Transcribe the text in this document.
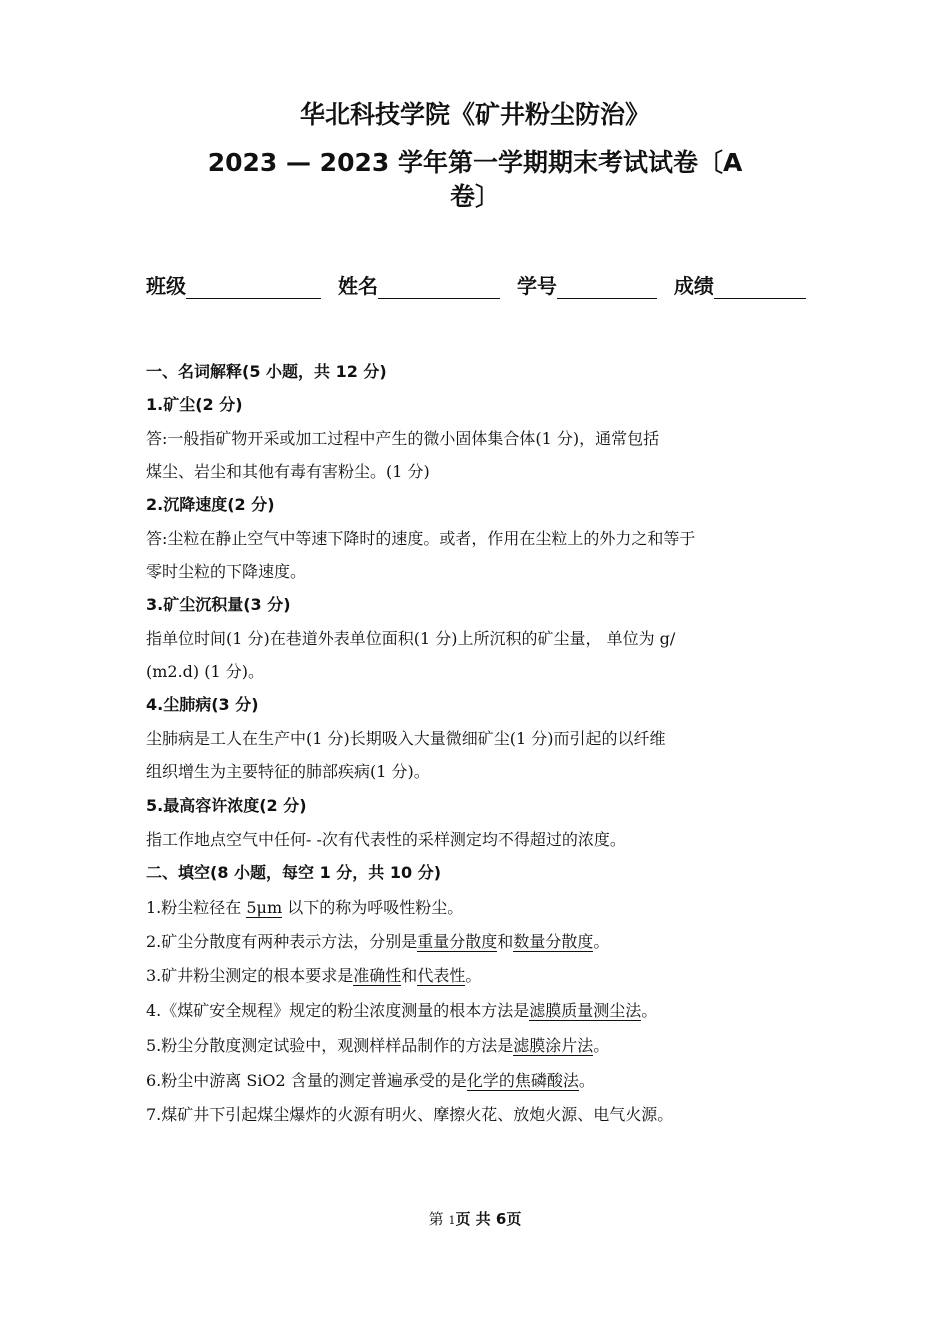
华北科技学院《矿井粉尘防治》
2023 — 2023 学年第一学期期末考试试卷〔A 卷〕
班级	姓名	学号	成绩
一、名词解释(5 小题，共 12 分)
1.矿尘(2 分)
答:一般指矿物开采或加工过程中产生的微小固体集合体(1 分)，通常包括
煤尘、岩尘和其他有毒有害粉尘。(1 分)
2.沉降速度(2 分)
答:尘粒在静止空气中等速下降时的速度。或者，作用在尘粒上的外力之和等于
零时尘粒的下降速度。
3.矿尘沉积量(3 分)
指单位时间(1 分)在巷道外表单位面积(1 分)上所沉积的矿尘量， 单位为 g/
(m2.d) (1 分)。
4.尘肺病(3 分)
尘肺病是工人在生产中(1 分)长期吸入大量微细矿尘(1 分)而引起的以纤维
组织增生为主要特征的肺部疾病(1 分)。
5.最高容许浓度(2 分)
指工作地点空气中任何- -次有代表性的采样测定均不得超过的浓度。
二、填空(8 小题，每空 1 分，共 10 分)
1.粉尘粒径在 5μm 以下的称为呼吸性粉尘。
2.矿尘分散度有两种表示方法，分别是重量分散度和数量分散度。
3.矿井粉尘测定的根本要求是准确性和代表性。
4.《煤矿安全规程》规定的粉尘浓度测量的根本方法是滤膜质量测尘法。
5.粉尘分散度测定试验中，观测样样品制作的方法是滤膜涂片法。
6.粉尘中游离 SiO2 含量的测定普遍承受的是化学的焦磷酸法。
7.煤矿井下引起煤尘爆炸的火源有明火、摩擦火花、放炮火源、电气火源。
第 1页 共 6页
